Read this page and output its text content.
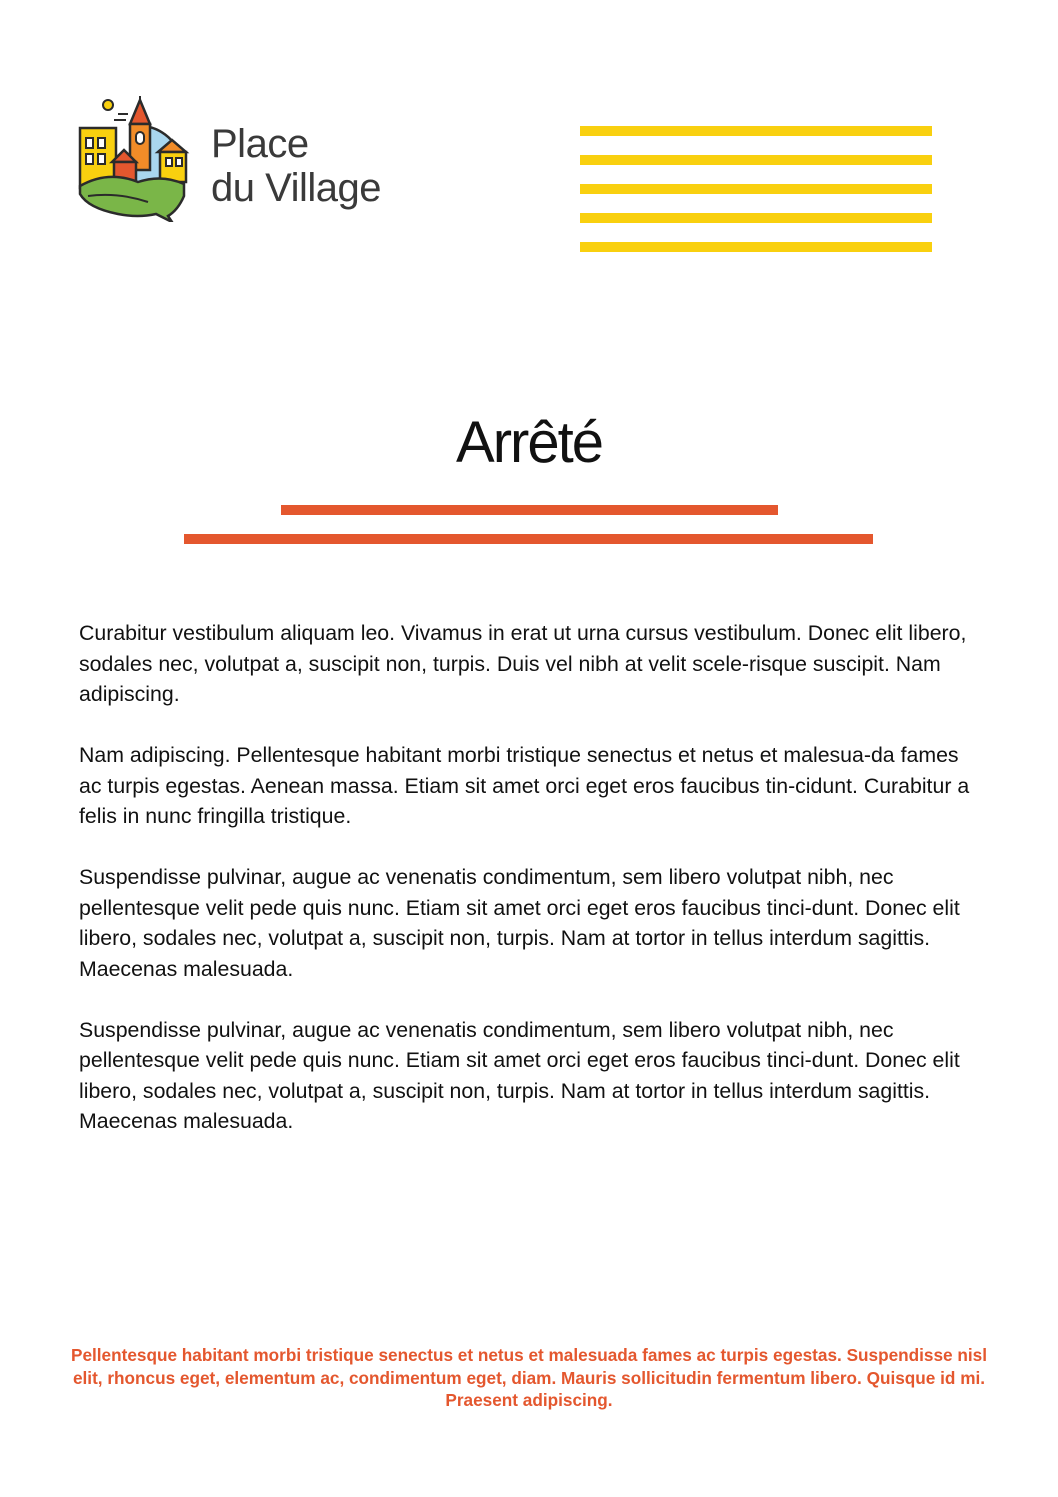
Place
du Village
Arrêté

Curabitur vestibulum aliquam leo. Vivamus in erat ut urna cursus vestibulum. Donec elit libero, sodales nec, volutpat a, suscipit non, turpis. Duis vel nibh at velit scele-risque suscipit. Nam adipiscing.

Nam adipiscing. Pellentesque habitant morbi tristique senectus et netus et malesua-da fames ac turpis egestas. Aenean massa. Etiam sit amet orci eget eros faucibus tin-cidunt. Curabitur a felis in nunc fringilla tristique.

Suspendisse pulvinar, augue ac venenatis condimentum, sem libero volutpat nibh, nec pellentesque velit pede quis nunc. Etiam sit amet orci eget eros faucibus tinci-dunt. Donec elit libero, sodales nec, volutpat a, suscipit non, turpis. Nam at tortor in tellus interdum sagittis. Maecenas malesuada.

Suspendisse pulvinar, augue ac venenatis condimentum, sem libero volutpat nibh, nec pellentesque velit pede quis nunc. Etiam sit amet orci eget eros faucibus tinci-dunt. Donec elit libero, sodales nec, volutpat a, suscipit non, turpis. Nam at tortor in tellus interdum sagittis. Maecenas malesuada.

Pellentesque habitant morbi tristique senectus et netus et malesuada fames ac turpis egestas. Suspendisse nisl elit, rhoncus eget, elementum ac, condimentum eget, diam. Mauris sollicitudin fermentum libero. Quisque id mi. Praesent adipiscing.
